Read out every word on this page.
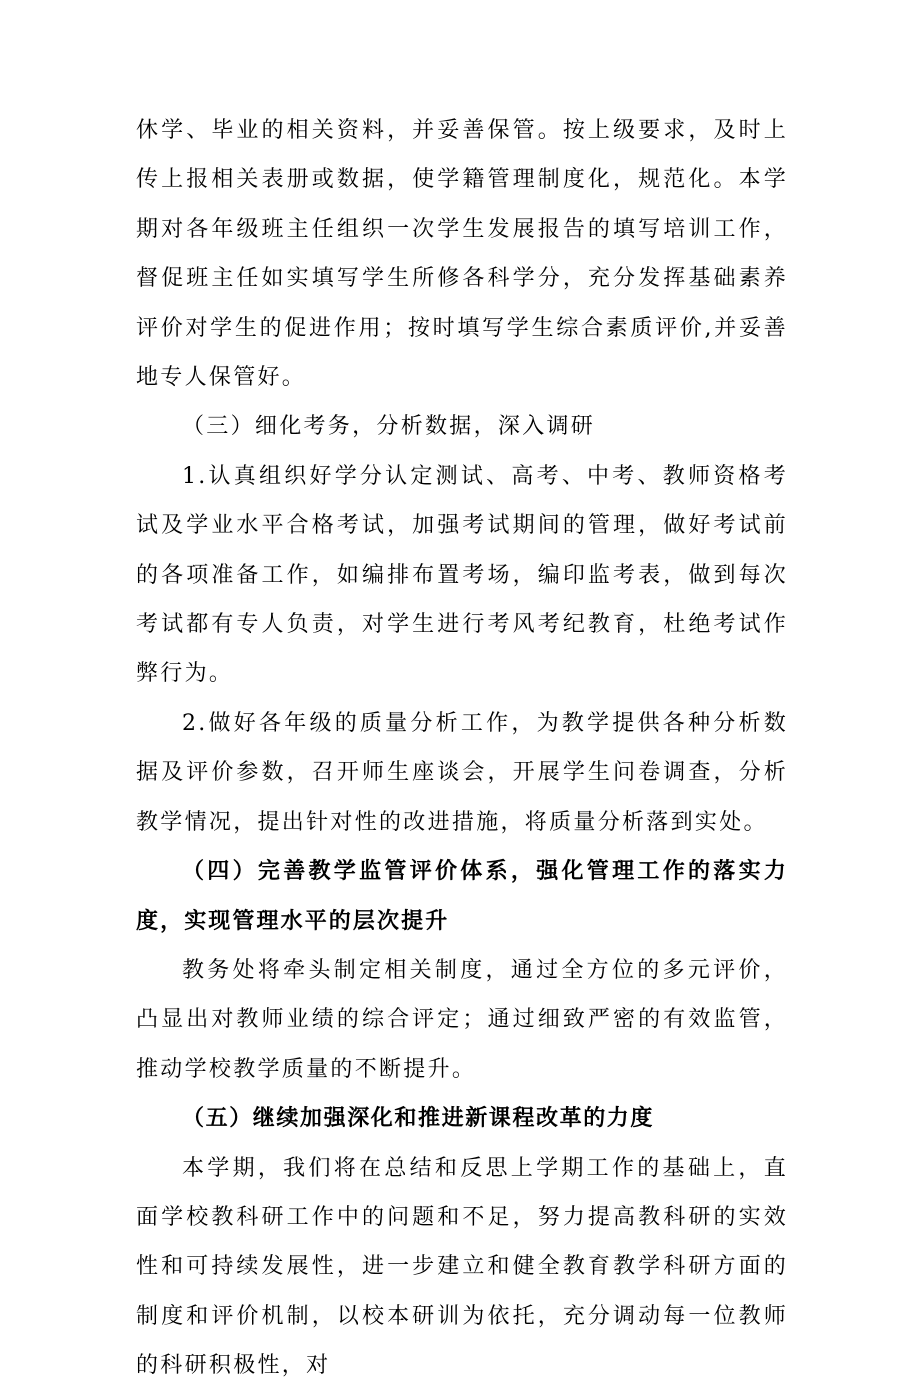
休学、毕业的相关资料，并妥善保管。按上级要求，及时上传上报相关表册或数据，使学籍管理制度化，规范化。本学期对各年级班主任组织一次学生发展报告的填写培训工作，督促班主任如实填写学生所修各科学分，充分发挥基础素养评价对学生的促进作用；按时填写学生综合素质评价,并妥善地专人保管好。

（三）细化考务，分析数据，深入调研

1.认真组织好学分认定测试、高考、中考、教师资格考试及学业水平合格考试，加强考试期间的管理，做好考试前的各项准备工作，如编排布置考场，编印监考表，做到每次考试都有专人负责，对学生进行考风考纪教育，杜绝考试作弊行为。

2.做好各年级的质量分析工作，为教学提供各种分析数据及评价参数，召开师生座谈会，开展学生问卷调查，分析教学情况，提出针对性的改进措施，将质量分析落到实处。

（四）完善教学监管评价体系，强化管理工作的落实力度，实现管理水平的层次提升

教务处将牵头制定相关制度，通过全方位的多元评价，凸显出对教师业绩的综合评定；通过细致严密的有效监管，推动学校教学质量的不断提升。

（五）继续加强深化和推进新课程改革的力度

本学期，我们将在总结和反思上学期工作的基础上，直面学校教科研工作中的问题和不足，努力提高教科研的实效性和可持续发展性，进一步建立和健全教育教学科研方面的制度和评价机制，以校本研训为依托，充分调动每一位教师的科研积极性，对
